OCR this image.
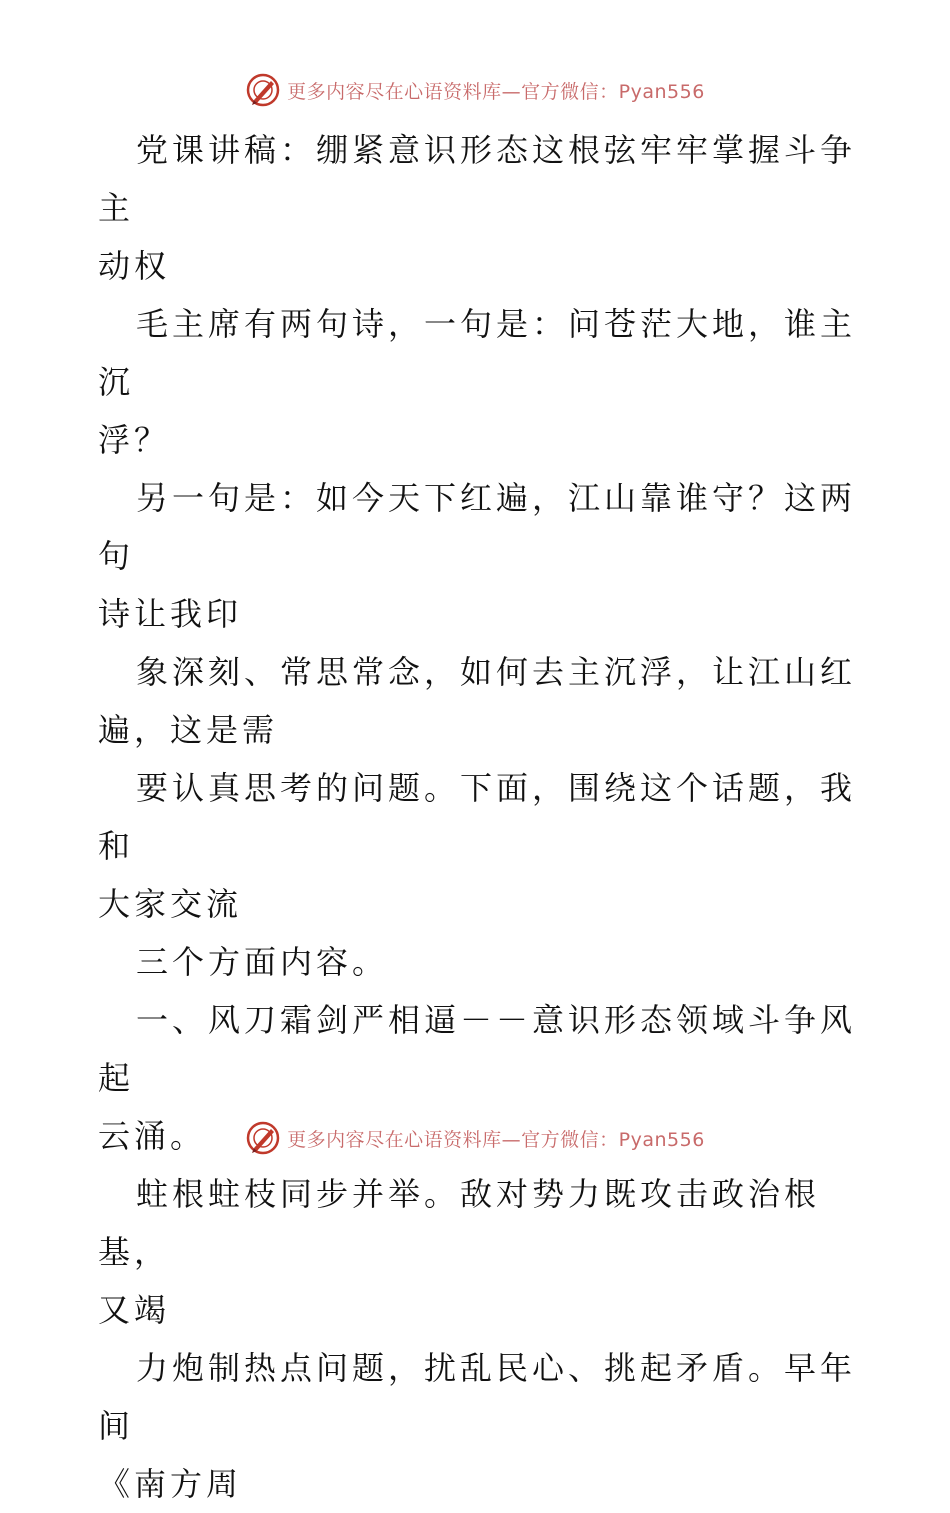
更多内容尽在心语资料库—官方微信：Pyan556

党课讲稿：绷紧意识形态这根弦牢牢掌握斗争主
动权

毛主席有两句诗，一句是：问苍茫大地，谁主沉
浮？

另一句是：如今天下红遍，江山靠谁守？这两句
诗让我印

象深刻、常思常念，如何去主沉浮，让江山红
遍，这是需

要认真思考的问题。下面，围绕这个话题，我和
大家交流

三个方面内容。

一、风刀霜剑严相逼－－意识形态领域斗争风起
云涌。

蛀根蛀枝同步并举。敌对势力既攻击政治根基，
又竭

力炮制热点问题，扰乱民心、挑起矛盾。早年间
《南方周

更多内容尽在心语资料库—官方微信：Pyan556
